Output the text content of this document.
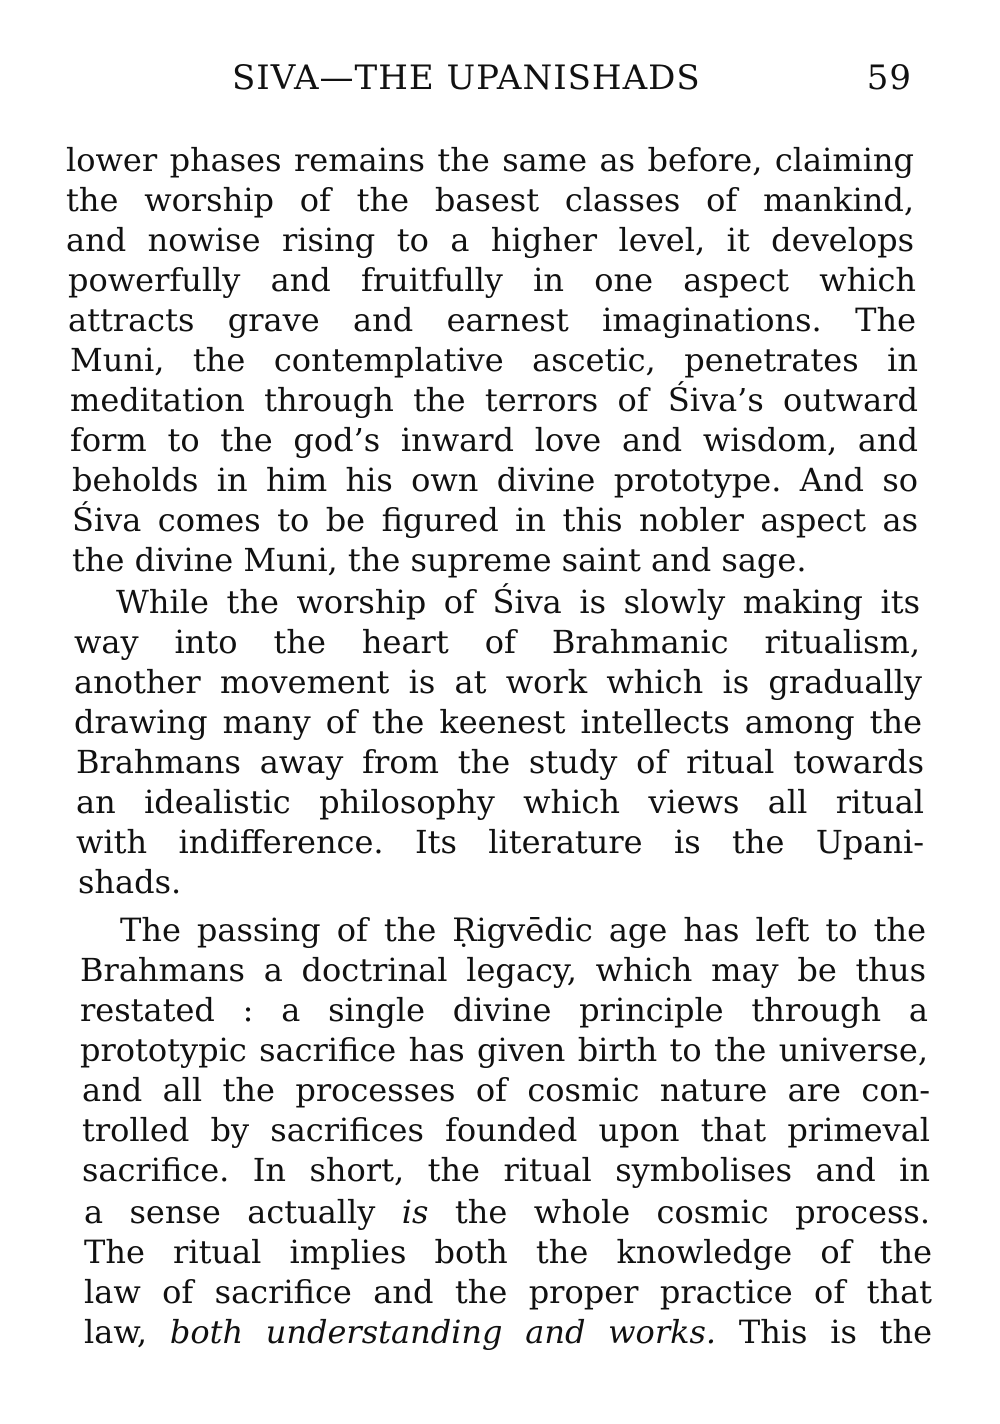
SIVA—THE UPANISHADS	59
lower phases remains the same as before, claiming
the worship of the basest classes of mankind,
and nowise rising to a higher level, it develops
powerfully and fruitfully in one aspect which
attracts grave and earnest imaginations. The
Muni, the contemplative ascetic, penetrates in
meditation through the terrors of Śiva’s outward
form to the god’s inward love and wisdom, and
beholds in him his own divine prototype. And so
Śiva comes to be figured in this nobler aspect as
the divine Muni, the supreme saint and sage.
While the worship of Śiva is slowly making its
way into the heart of Brahmanic ritualism,
another movement is at work which is gradually
drawing many of the keenest intellects among the
Brahmans away from the study of ritual towards
an idealistic philosophy which views all ritual
with indifference. Its literature is the Upani-
shads.
The passing of the Ṛigvēdic age has left to the
Brahmans a doctrinal legacy, which may be thus
restated : a single divine principle through a
prototypic sacrifice has given birth to the universe,
and all the processes of cosmic nature are con-
trolled by sacrifices founded upon that primeval
sacrifice. In short, the ritual symbolises and in
a sense actually is the whole cosmic process.
The ritual implies both the knowledge of the
law of sacrifice and the proper practice of that
law, both understanding and works. This is the
